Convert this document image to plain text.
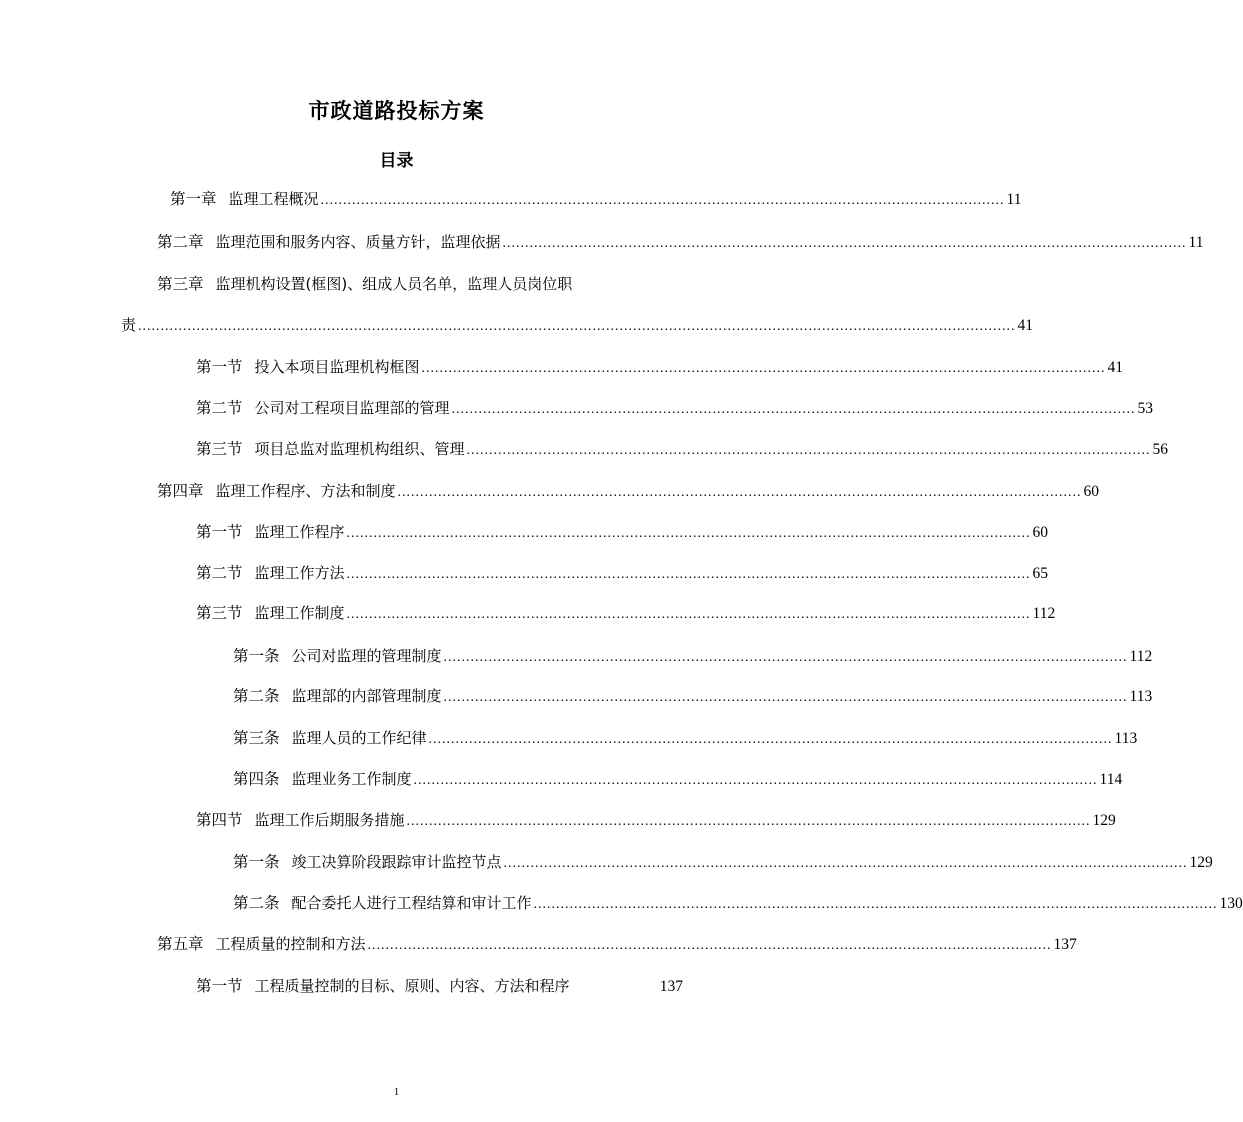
市政道路投标方案
目录
第一章 监理工程概况 ........................................................................................................................................................ 11
第二章 监理范围和服务内容、质量方针，监理依据 ........................................................................................................................................................ 11
第三章 监理机构设置(框图)、组成人员名单，监理人员岗位职
责 ................................................................................................................................................................................................... 41
第一节 投入本项目监理机构框图 ........................................................................................................................................................ 41
第二节 公司对工程项目监理部的管理 ........................................................................................................................................................ 53
第三节 项目总监对监理机构组织、管理 ........................................................................................................................................................ 56
第四章 监理工作程序、方法和制度 ........................................................................................................................................................ 60
第一节 监理工作程序 ........................................................................................................................................................ 60
第二节 监理工作方法 ........................................................................................................................................................ 65
第三节 监理工作制度 ........................................................................................................................................................ 112
第一条 公司对监理的管理制度 ........................................................................................................................................................ 112
第二条 监理部的内部管理制度 ........................................................................................................................................................ 113
第三条 监理人员的工作纪律 ........................................................................................................................................................ 113
第四条 监理业务工作制度 ........................................................................................................................................................ 114
第四节 监理工作后期服务措施 ........................................................................................................................................................ 129
第一条 竣工决算阶段跟踪审计监控节点 ........................................................................................................................................................ 129
第二条 配合委托人进行工程结算和审计工作 ........................................................................................................................................................ 130
第五章 工程质量的控制和方法 ........................................................................................................................................................ 137
第一节 工程质量控制的目标、原则、内容、方法和程序	137
1
